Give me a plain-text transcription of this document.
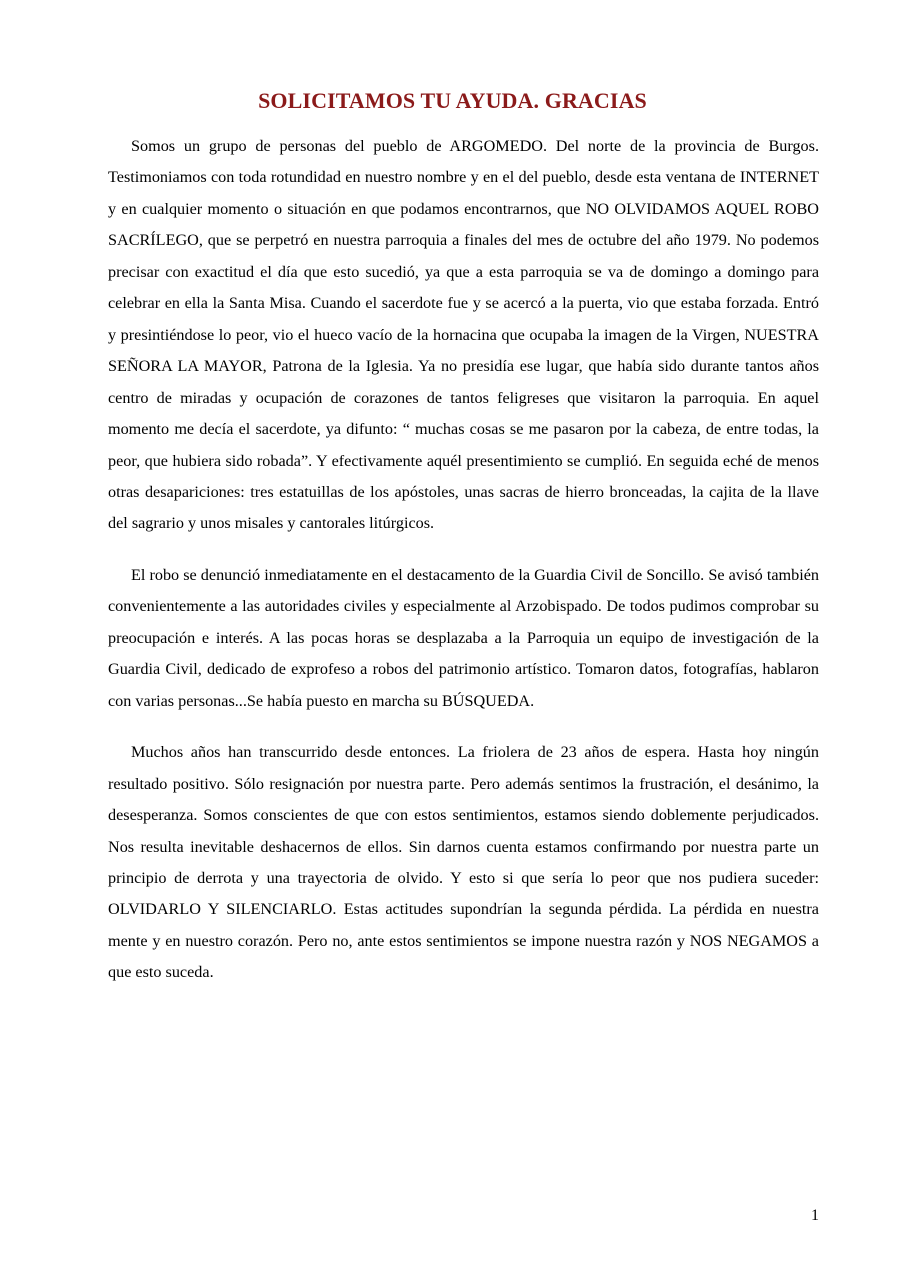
SOLICITAMOS TU AYUDA. GRACIAS

Somos un grupo de personas del pueblo de ARGOMEDO. Del norte de la provincia de Burgos. Testimoniamos con toda rotundidad en nuestro nombre y en el del pueblo, desde esta ventana de INTERNET y en cualquier momento o situación en que podamos encontrarnos, que NO OLVIDAMOS AQUEL ROBO SACRÍLEGO, que se perpetró en nuestra parroquia a finales del mes de octubre del año 1979. No podemos precisar con exactitud el día que esto sucedió, ya que a esta parroquia se va de domingo a domingo para celebrar en ella la Santa Misa. Cuando el sacerdote fue y se acercó a la puerta, vio que estaba forzada. Entró y presintiéndose lo peor, vio el hueco vacío de la hornacina que ocupaba la imagen de la Virgen, NUESTRA SEÑORA LA MAYOR, Patrona de la Iglesia. Ya no presidía ese lugar, que había sido durante tantos años centro de miradas y ocupación de corazones de tantos feligreses que visitaron la parroquia. En aquel momento me decía el sacerdote, ya difunto: “ muchas cosas se me pasaron por la cabeza, de entre todas, la peor, que hubiera sido robada”. Y efectivamente aquél presentimiento se cumplió. En seguida eché de menos otras desapariciones: tres estatuillas de los apóstoles, unas sacras de hierro bronceadas, la cajita de la llave del sagrario y unos misales y cantorales litúrgicos.

El robo se denunció inmediatamente en el destacamento de la Guardia Civil de Soncillo. Se avisó también convenientemente a las autoridades civiles y especialmente al Arzobispado. De todos pudimos comprobar su preocupación e interés. A las pocas horas se desplazaba a la Parroquia un equipo de investigación de la Guardia Civil, dedicado de exprofeso a robos del patrimonio artístico. Tomaron datos, fotografías, hablaron con varias personas...Se había puesto en marcha su BÚSQUEDA.

Muchos años han transcurrido desde entonces. La friolera de 23 años de espera. Hasta hoy ningún resultado positivo. Sólo resignación por nuestra parte. Pero además sentimos la frustración, el desánimo, la desesperanza. Somos conscientes de que con estos sentimientos, estamos siendo doblemente perjudicados. Nos resulta inevitable deshacernos de ellos. Sin darnos cuenta estamos confirmando por nuestra parte un principio de derrota y una trayectoria de olvido. Y esto si que sería lo peor que nos pudiera suceder: OLVIDARLO Y SILENCIARLO. Estas actitudes supondrían la segunda pérdida. La pérdida en nuestra mente y en nuestro corazón. Pero no, ante estos sentimientos se impone nuestra razón y NOS NEGAMOS a que esto suceda.

1
